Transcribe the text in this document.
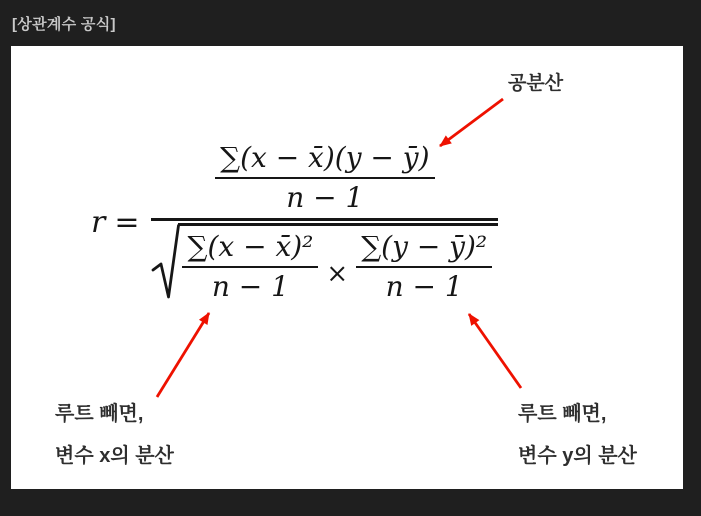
[상관계수 공식]
공분산
r =
$\frac{\sum(x - x̄)(y - ȳ)}{n - 1}$
$\frac{\text{∑(x − x̄)²}}{n - 1} \times \frac{\text{∑(y − ȳ)²}}{n - 1}$
루트 빼면,
변수 x의 분산
루트 빼면,
변수 y의 분산
